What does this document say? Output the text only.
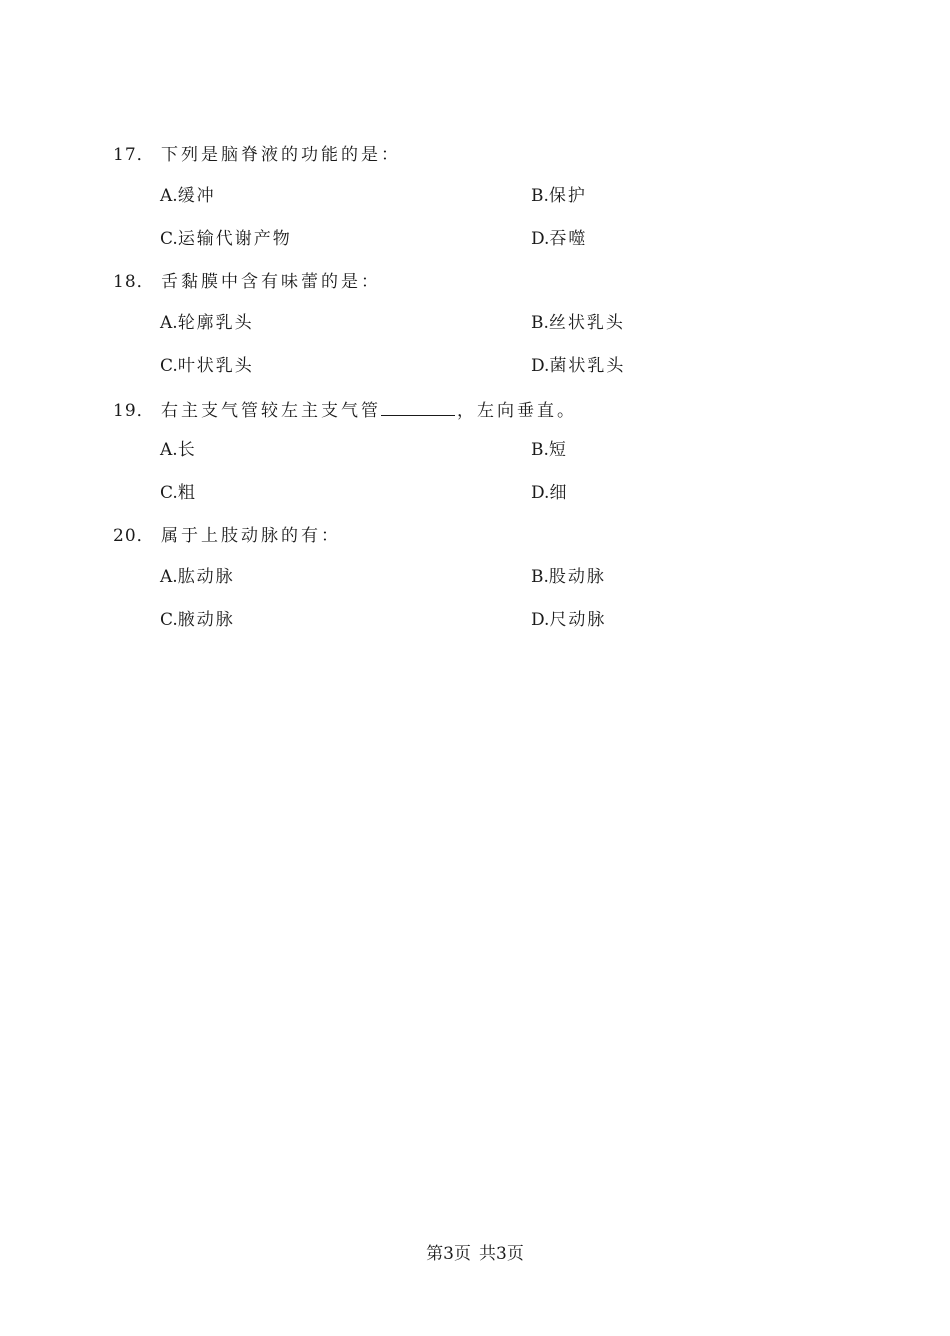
17． 下列是脑脊液的功能的是：
A.缓冲	B.保护
C.运输代谢产物	D.吞噬
18． 舌黏膜中含有味蕾的是：
A.轮廓乳头	B.丝状乳头
C.叶状乳头	D.菌状乳头
19． 右主支气管较左主支气管	，左向垂直。
A.长	B.短
C.粗	D.细
20． 属于上肢动脉的有：
A.肱动脉	B.股动脉
C.腋动脉	D.尺动脉
第3页 共3页
